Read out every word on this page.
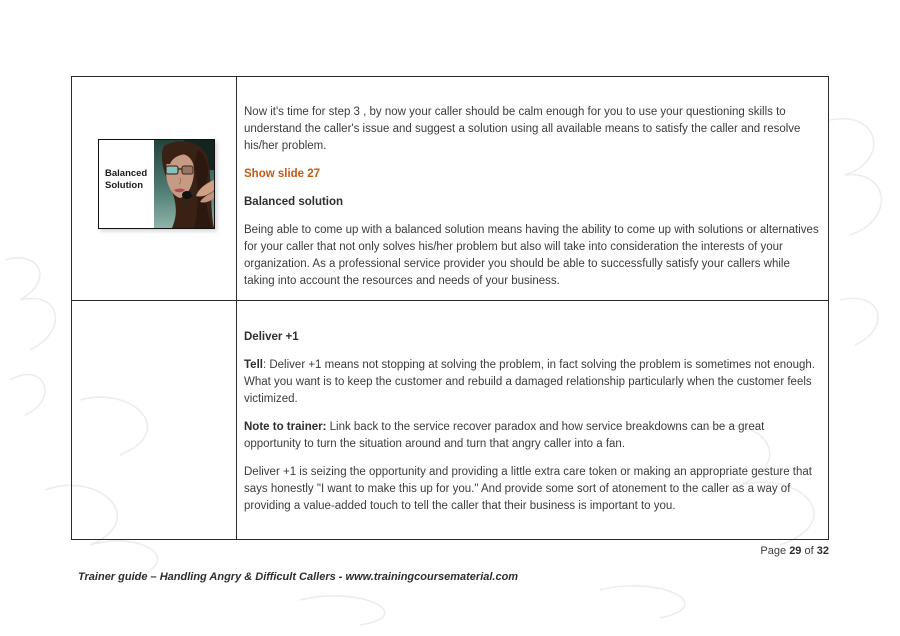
Balanced Solution

Now it's time for step 3 , by now your caller should be calm enough for you to use your questioning skills to understand the caller's issue and suggest a solution using all available means to satisfy the caller and resolve his/her problem.

Show slide 27

Balanced solution

Being able to come up with a balanced solution means having the ability to come up with solutions or alternatives for your caller that not only solves his/her problem but also will take into consideration the interests of your organization. As a professional service provider you should be able to successfully satisfy your callers while taking into account the resources and needs of your business.

Deliver +1

Tell: Deliver +1 means not stopping at solving the problem, in fact solving the problem is sometimes not enough. What you want is to keep the customer and rebuild a damaged relationship particularly when the customer feels victimized.

Note to trainer: Link back to the service recover paradox and how service breakdowns can be a great opportunity to turn the situation around and turn that angry caller into a fan.

Deliver +1 is seizing the opportunity and providing a little extra care token or making an appropriate gesture that says honestly "I want to make this up for you." And provide some sort of atonement to the caller as a way of providing a value-added touch to tell the caller that their business is important to you.

Page 29 of 32
Trainer guide – Handling Angry & Difficult Callers - www.trainingcoursematerial.com
